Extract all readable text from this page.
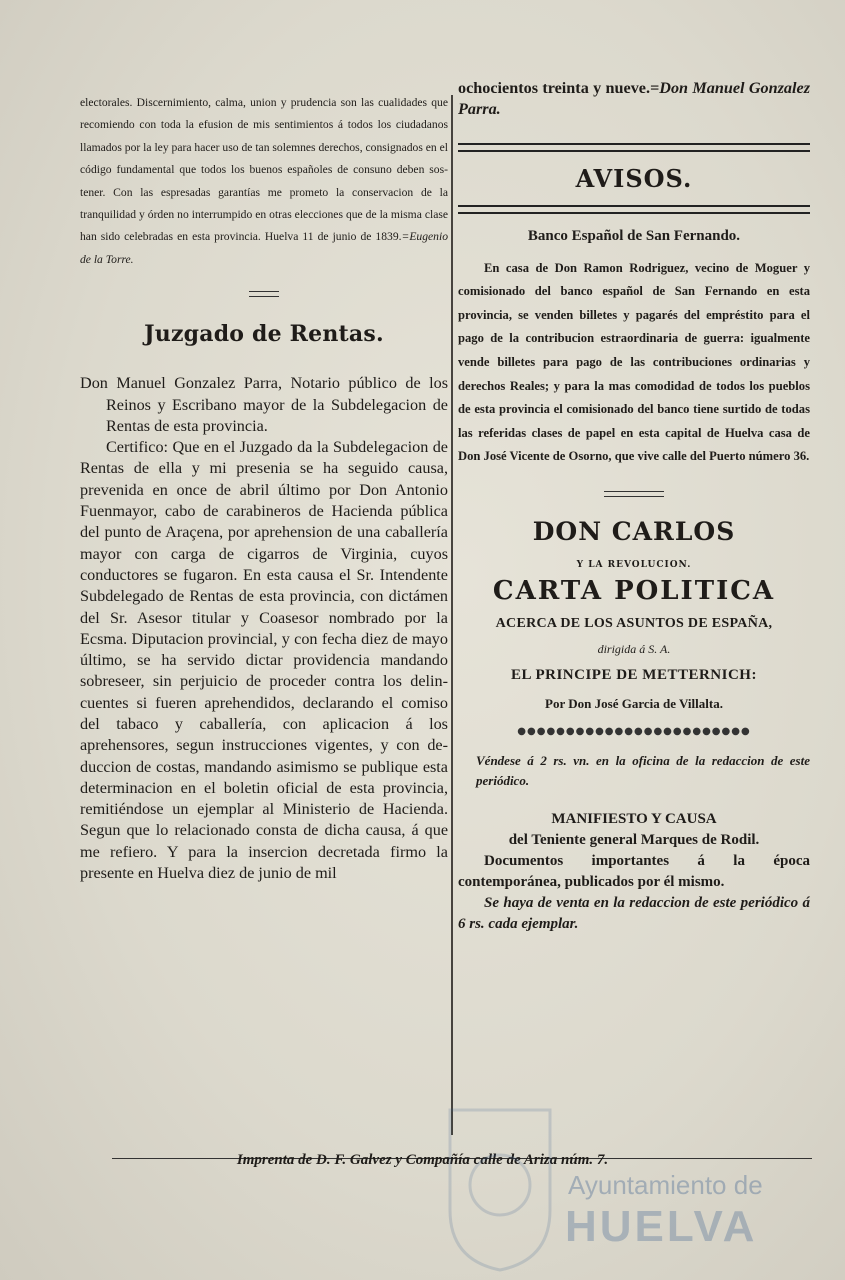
electorales. Discernimiento, calma, union y prudencia son las cualidades que recomiendo con toda la efusion de mis sentimientos á todos los ciudadanos llamados por la ley para hacer uso de tan solemnes derechos, consignados en el código fundamental que todos los buenos españoles de consuno deben sostener. Con las espresadas garantías me prometo la conservacion de la tranquilidad y órden no interrumpido en otras elecciones que de la misma clase han sido celebradas en esta provincia. Huelva 11 de junio de 1839.=Eugenio de la Torre.

Juzgado de Rentas.

Don Manuel Gonzalez Parra, Notario público de los Reinos y Escribano mayor de la Subdelegacion de Rentas de esta provincia.

Certifico: Que en el Juzgado da la Subdelegacion de Rentas de ella y mi presenia se ha seguido causa, prevenida en once de abril último por Don Antonio Fuenmayor, cabo de carabineros de Hacienda pública del punto de Araçena, por aprehension de una caballería mayor con carga de cigarros de Virginia, cuyos conductores se fugaron. En esta causa el Sr. Intendente Subdelegado de Rentas de esta provincia, con dictámen del Sr. Asesor titular y Coasesor nombrado por la Ecsma. Diputacion provincial, y con fecha diez de mayo último, se ha servido dictar providencia mandando sobreseer, sin perjuicio de proceder contra los delincuentes si fueren aprehendidos, declarando el comiso del tabaco y caballería, con aplicacion á los aprehensores, segun instrucciones vigentes, y con deduccion de costas, mandando asimismo se publique esta determinacion en el boletin oficial de esta provincia, remitiéndose un ejemplar al Ministerio de Hacienda. Segun que lo relacionado consta de dicha causa, á que me refiero. Y para la insercion decretada firmo la presente en Huelva diez de junio de mil

ochocientos treinta y nueve.=Don Manuel Gonzalez Parra.

AVISOS.
Banco Español de San Fernando.

En casa de Don Ramon Rodriguez, vecino de Moguer y comisionado del banco español de San Fernando en esta provincia, se venden billetes y pagarés del empréstito para el pago de la contribucion estraordinaria de guerra: igualmente vende billetes para pago de las contribuciones ordinarias y derechos Reales; y para la mas comodidad de todos los pueblos de esta provincia el comisionado del banco tiene surtido de todas las referidas clases de papel en esta capital de Huelva casa de Don José Vicente de Osorno, que vive calle del Puerto número 36.

DON CARLOS
Y LA REVOLUCION.
CARTA POLITICA
ACERCA DE LOS ASUNTOS DE ESPAÑA,
dirigida á S. A.
EL PRINCIPE DE METTERNICH:
Por Don José Garcia de Villalta.
●●●●●●●●●●●●●●●●●●●●●●●●

Véndese á 2 rs. vn. en la oficina de la redaccion de este periódico.

MANIFIESTO Y CAUSA
del Teniente general Marques de Rodil.

Documentos importantes á la época contemporánea, publicados por él mismo.

Se haya de venta en la redaccion de este periódico á 6 rs. cada ejemplar.

Imprenta de D. F. Galvez y Compañía calle de Ariza núm. 7.
Ayuntamiento de
HUELVA
